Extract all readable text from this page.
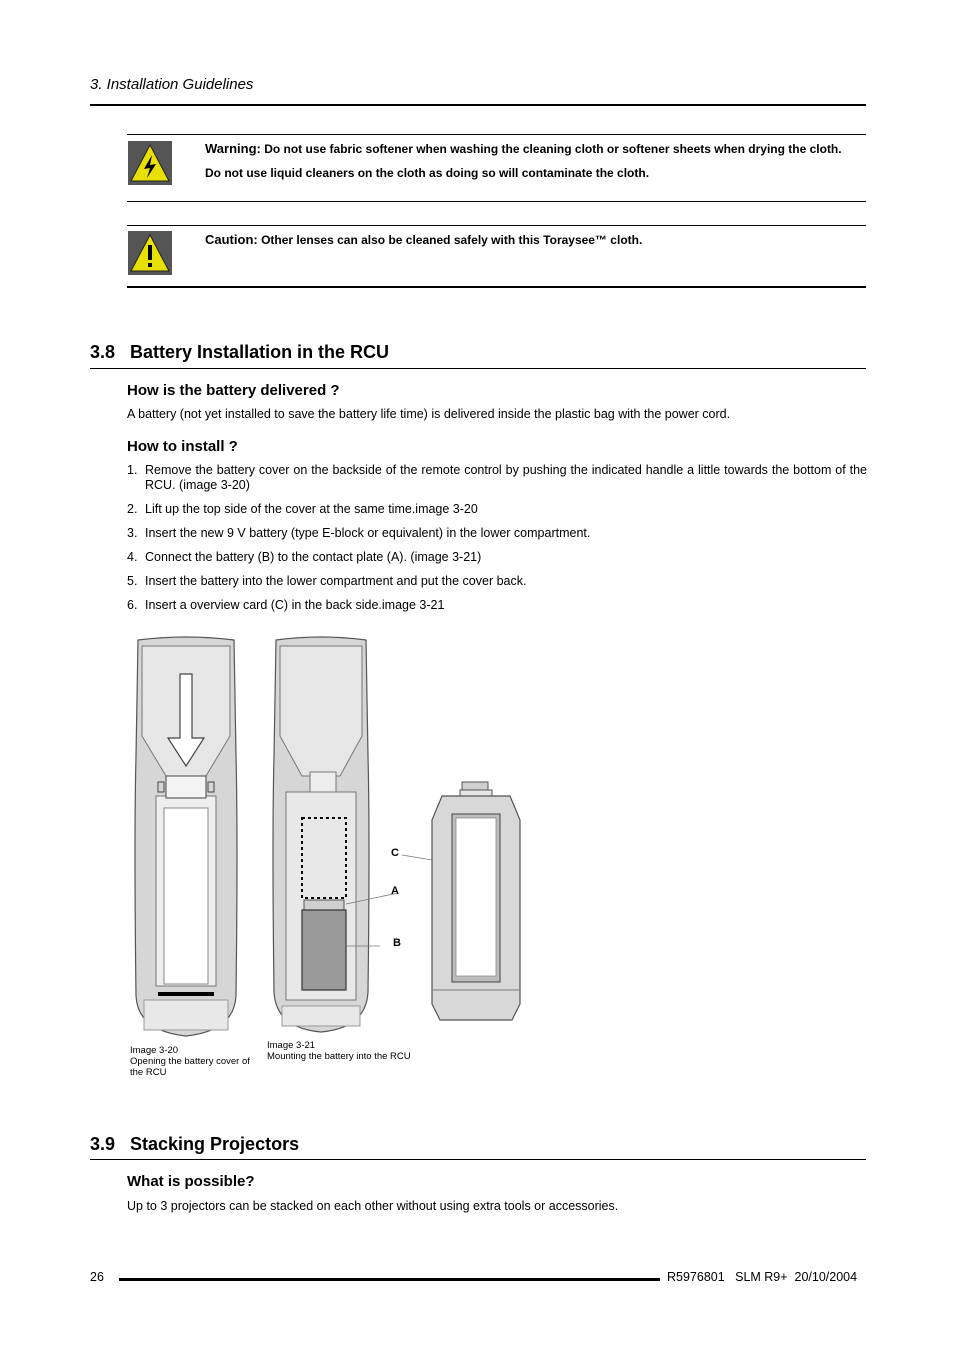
3. Installation Guidelines

Warning: Do not use fabric softener when washing the cleaning cloth or softener sheets when drying the cloth.

Do not use liquid cleaners on the cloth as doing so will contaminate the cloth.

Caution: Other lenses can also be cleaned safely with this Toraysee™ cloth.

3.8   Battery Installation in the RCU
How is the battery delivered ?
A battery (not yet installed to save the battery life time) is delivered inside the plastic bag with the power cord.
How to install ?
1. Remove the battery cover on the backside of the remote control by pushing the indicated handle a little towards the bottom of the RCU. (image 3-20)
2. Lift up the top side of the cover at the same time.image 3-20
3. Insert the new 9 V battery (type E-block or equivalent) in the lower compartment.
4. Connect the battery (B) to the contact plate (A). (image 3-21)
5. Insert the battery into the lower compartment and put the cover back.
6. Insert a overview card (C) in the back side.image 3-21
Image 3-20
Opening the battery cover of the RCU
Image 3-21
Mounting the battery into the RCU
C
A
B
3.9   Stacking Projectors
What is possible?
Up to 3 projectors can be stacked on each other without using extra tools or accessories.
26	R5976801   SLM R9+  20/10/2004
